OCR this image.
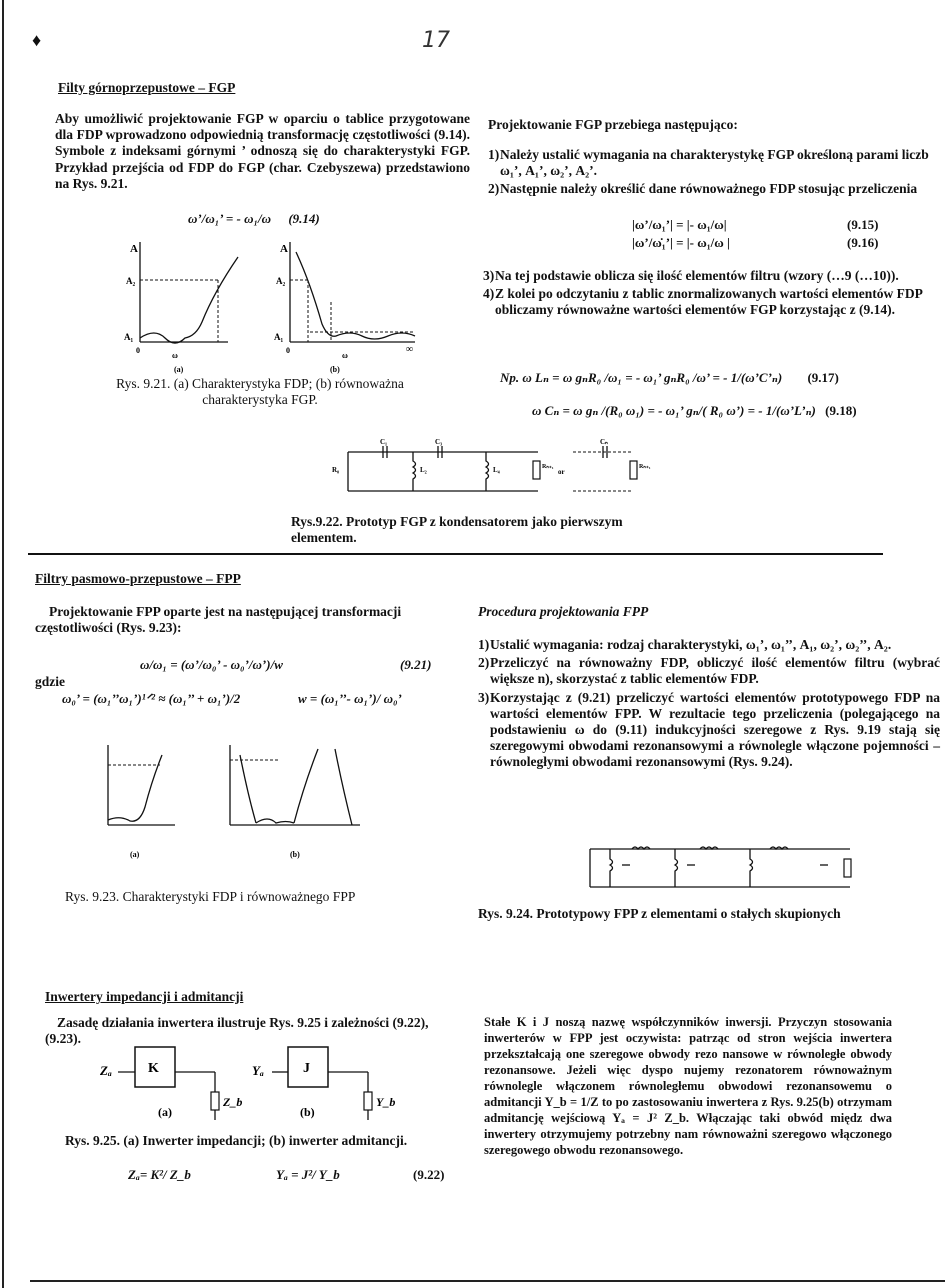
♦	17
Filty górnoprzepustowe – FGP
Aby umożliwić projektowanie FGP w oparciu o tablice przygotowane dla FDP wprowadzono odpowiednią transformację częstotliwości (9.14). Symbole z indeksami górnymi ’ odnoszą się do charakterystyki FGP. Przykład przejścia od FDP do FGP (char. Czebyszewa) przedstawiono na Rys. 9.21.
ω’/ω₁’ = - ω₁/ω (9.14)
A
A₂
A₁
0
ω
(a)
A
A₂
A₁
0
ω
∞
(b)
Rys. 9.21. (a) Charakterystyka FDP; (b) równoważna charakterystyka FGP.
Projektowanie FGP przebiega następująco:
1) Należy ustalić wymagania na charakterystykę FGP określoną parami liczb ω₁’, A₁’, ω₂’, A₂’.
2) Następnie należy określić dane równoważnego FDP stosując przeliczenia
|ω’/ω₁’| = |- ω₁/ω|	(9.15)
|ω’/ω̇₁’| = |- ω₁/ω |	(9.16)
3) Na tej podstawie oblicza się ilość elementów filtru (wzory (…9 (…10)).
4) Z kolei po odczytaniu z tablic znormalizowanych wartości elementów FDP obliczamy równoważne wartości elementów FGP korzystając z (9.14).
Np. ω Lₙ = ω gₙR₀ /ω₁ = - ω₁’ gₙR₀ /ω’ = - 1/(ω’C’ₙ) (9.17)
ω Cₙ = ω gₙ /(R₀ ω₁) = - ω₁’ gₙ/( R₀ ω’) = - 1/(ω’L’ₙ) (9.18)
C₁	C₃	Cₙ
L₂	L₄
R₀	Rₙ₊₁	Rₙ₊₁
or
Rys.9.22. Prototyp FGP z kondensatorem jako pierwszym elementem.
Filtry pasmowo-przepustowe – FPP
Projektowanie FPP oparte jest na następującej transformacji częstotliwości (Rys. 9.23):
ω/ω₁ = (ω’/ω₀’ - ω₀’/ω’)/w	(9.21)
gdzie
ω₀’ = (ω₁’’ω₁’)¹ᐟ² ≈ (ω₁’’ + ω₁’)/2	w = (ω₁’’- ω₁’)/ ω₀’
(a)	(b)
Rys. 9.23. Charakterystyki FDP i równoważnego FPP
Procedura projektowania FPP
1) Ustalić wymagania: rodzaj charakterystyki, ω₁’, ω₁’’, A₁, ω₂’, ω₂’’, A₂.
2) Przeliczyć na równoważny FDP, obliczyć ilość elementów filtru (wybrać większe n), skorzystać z tablic elementów FDP.
3) Korzystając z (9.21) przeliczyć wartości elementów prototypowego FDP na wartości elementów FPP. W rezultacie tego przeliczenia (polegającego na podstawieniu ω do (9.11) indukcyjności szeregowe z Rys. 9.19 stają się szeregowymi obwodami rezonansowymi a równolegle włączone pojemności – równoległymi obwodami rezonansowymi (Rys. 9.24).
Rys. 9.24. Prototypowy FPP z elementami o stałych skupionych
Inwertery impedancji i admitancji
Zasadę działania inwertera ilustruje Rys. 9.25 i zależności (9.22), (9.23).
Zₐ	K
Z_b
(a)
Yₐ	J
Y_b
(b)
Rys. 9.25. (a) Inwerter impedancji; (b) inwerter admitancji.
Zₐ= K²/ Z_b	Yₐ = J²/ Y_b	(9.22)
Stałe K i J noszą nazwę współczynników inwersji. Przyczyn stosowania inwerterów w FPP jest oczywista: patrząc od stron wejścia inwertera przekształcają one szeregowe obwody rezo nansowe w równoległe obwody rezonansowe. Jeżeli więc dyspo nujemy rezonatorem równoważnym równolegle włączonem równoległemu obwodowi rezonansowemu o admitancji Y_b = 1/Z to po zastosowaniu inwertera z Rys. 9.25(b) otrzymam admitancję wejściową Yₐ = J² Z_b. Włączając taki obwód międz dwa inwertery otrzymujemy potrzebny nam równoważni szeregowo włączonego szeregowego obwodu rezonansowego.
